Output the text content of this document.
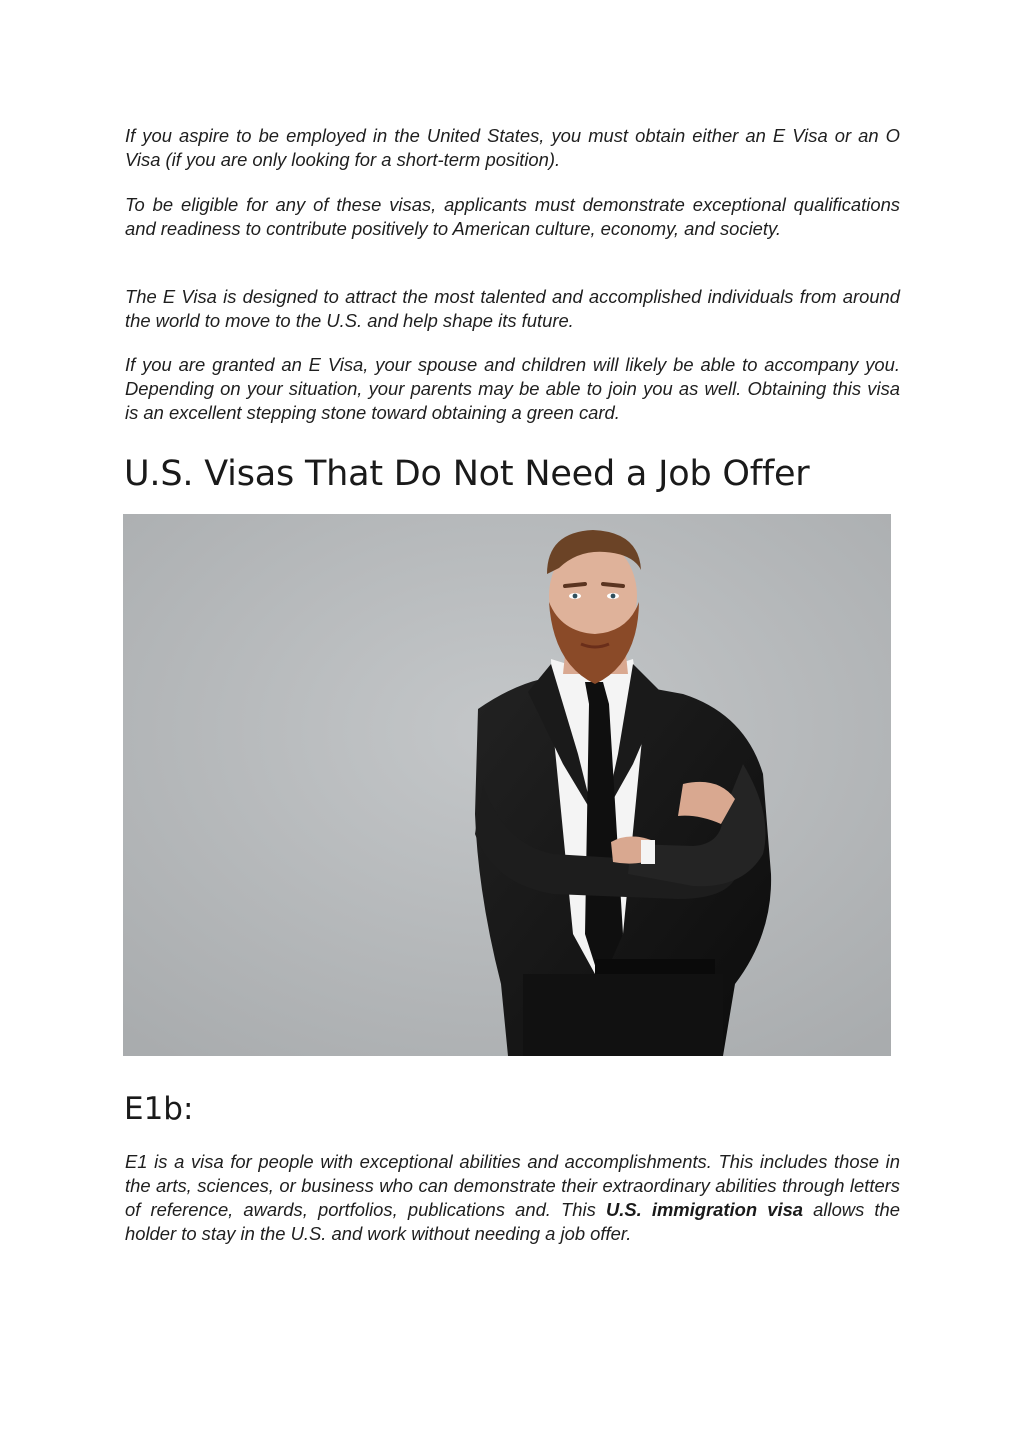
If you aspire to be employed in the United States, you must obtain either an E Visa or an O Visa (if you are only looking for a short-term position).

To be eligible for any of these visas, applicants must demonstrate exceptional qualifications and readiness to contribute positively to American culture, economy, and society.

The E Visa is designed to attract the most talented and accomplished individuals from around the world to move to the U.S. and help shape its future.

If you are granted an E Visa, your spouse and children will likely be able to accompany you. Depending on your situation, your parents may be able to join you as well. Obtaining this visa is an excellent stepping stone toward obtaining a green card.

U.S. Visas That Do Not Need a Job Offer
E1b:

E1 is a visa for people with exceptional abilities and accomplishments. This includes those in the arts, sciences, or business who can demonstrate their extraordinary abilities through letters of reference, awards, portfolios, publications and. This U.S. immigration visa allows the holder to stay in the U.S. and work without needing a job offer.
